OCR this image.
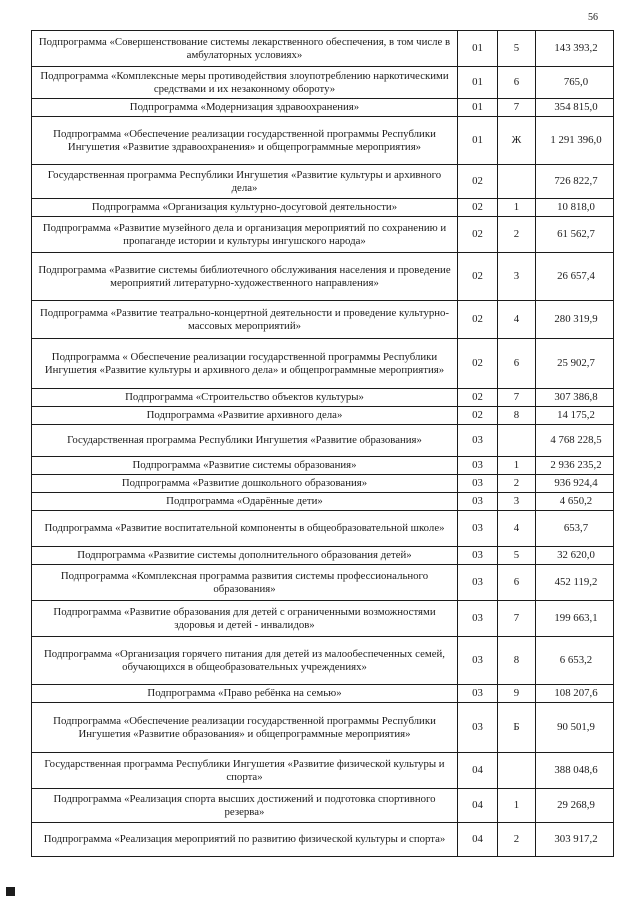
56
Подпрограмма «Совершенствование системы лекарственного обеспечения, в том числе в амбулаторных условиях»	01	5	143 393,2
Подпрограмма «Комплексные меры противодействия злоупотреблению наркотическими средствами и их незаконному обороту»	01	6	765,0
Подпрограмма «Модернизация здравоохранения»	01	7	354 815,0
Подпрограмма «Обеспечение реализации государственной программы Республики Ингушетия «Развитие здравоохранения» и общепрограммные мероприятия»	01	Ж	1 291 396,0
Государственная программа Республики Ингушетия «Развитие культуры и архивного дела»	02		726 822,7
Подпрограмма «Организация культурно-досуговой деятельности»	02	1	10 818,0
Подпрограмма «Развитие музейного дела и организация мероприятий по сохранению и пропаганде истории и культуры ингушского народа»	02	2	61 562,7
Подпрограмма «Развитие системы библиотечного обслуживания населения и проведение мероприятий литературно-художественного направления»	02	3	26 657,4
Подпрограмма «Развитие театрально-концертной деятельности и проведение культурно-массовых мероприятий»	02	4	280 319,9
Подпрограмма « Обеспечение реализации государственной программы Республики Ингушетия «Развитие культуры и архивного дела» и общепрограммные мероприятия»	02	6	25 902,7
Подпрограмма «Строительство объектов культуры»	02	7	307 386,8
Подпрограмма «Развитие архивного дела»	02	8	14 175,2
Государственная программа Республики Ингушетия «Развитие образования»	03		4 768 228,5
Подпрограмма «Развитие системы образования»	03	1	2 936 235,2
Подпрограмма «Развитие дошкольного образования»	03	2	936 924,4
Подпрограмма «Одарённые дети»	03	3	4 650,2
Подпрограмма «Развитие воспитательной компоненты в общеобразовательной школе»	03	4	653,7
Подпрограмма «Развитие системы дополнительного образования детей»	03	5	32 620,0
Подпрограмма «Комплексная программа развития системы профессионального образования»	03	6	452 119,2
Подпрограмма «Развитие образования для детей с ограниченными возможностями здоровья и детей - инвалидов»	03	7	199 663,1
Подпрограмма «Организация горячего питания для детей из малообеспеченных семей, обучающихся в общеобразовательных учреждениях»	03	8	6 653,2
Подпрограмма «Право ребёнка на семью»	03	9	108 207,6
Подпрограмма «Обеспечение реализации государственной программы Республики Ингушетия «Развитие образования» и общепрограммные мероприятия»	03	Б	90 501,9
Государственная программа Республики Ингушетия «Развитие физической культуры и спорта»	04		388 048,6
Подпрограмма «Реализация спорта высших достижений и подготовка спортивного резерва»	04	1	29 268,9
Подпрограмма «Реализация мероприятий по развитию физической культуры и спорта»	04	2	303 917,2
